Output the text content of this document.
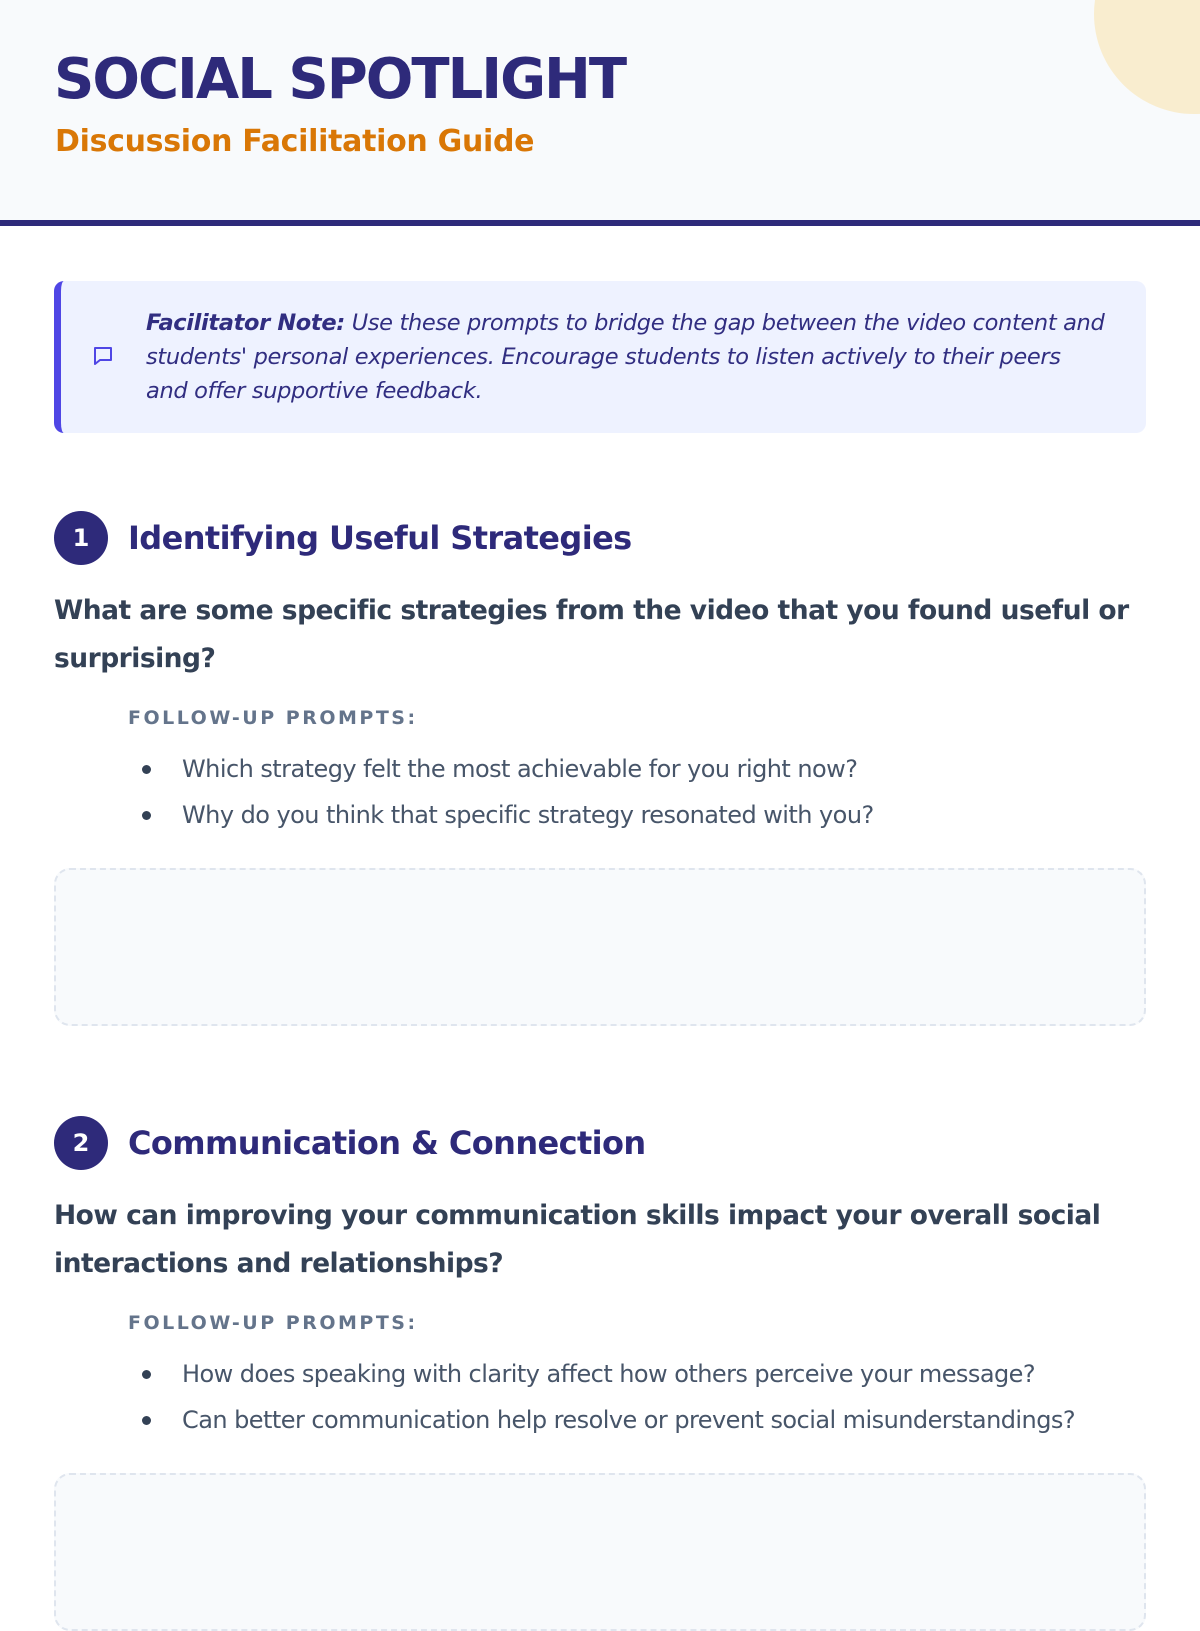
SOCIAL SPOTLIGHT
Discussion Facilitation Guide

Facilitator Note: Use these prompts to bridge the gap between the video content and students' personal experiences. Encourage students to listen actively to their peers and offer supportive feedback.

1	Identifying Useful Strategies

What are some specific strategies from the video that you found useful or surprising?

FOLLOW-UP PROMPTS:
Which strategy felt the most achievable for you right now?
Why do you think that specific strategy resonated with you?
2	Communication & Connection

How can improving your communication skills impact your overall social interactions and relationships?

FOLLOW-UP PROMPTS:
How does speaking with clarity affect how others perceive your message?
Can better communication help resolve or prevent social misunderstandings?
